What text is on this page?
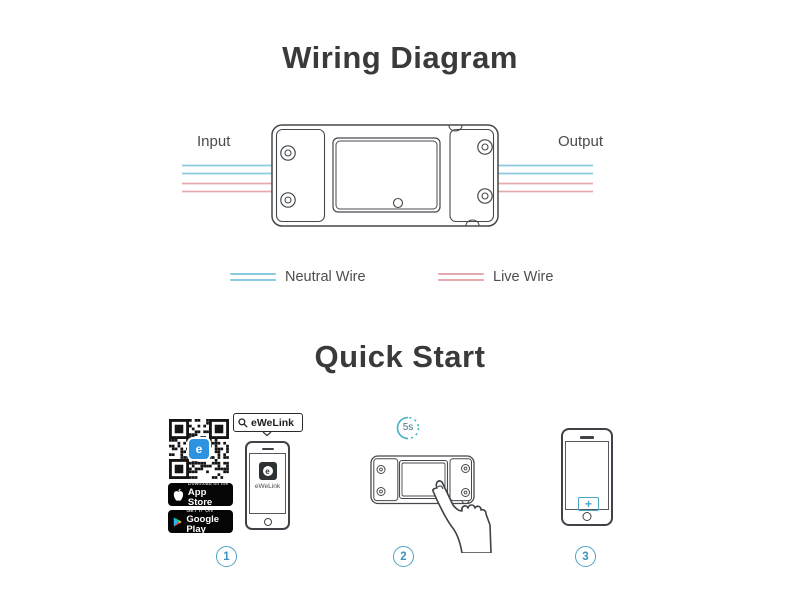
Wiring Diagram
Input	Output
Neutral Wire	Live Wire
Quick Start
e
eWeLink
Download on the
App Store
GET IT ON
Google Play
e
eWeLink
5s
+
1	2	3
